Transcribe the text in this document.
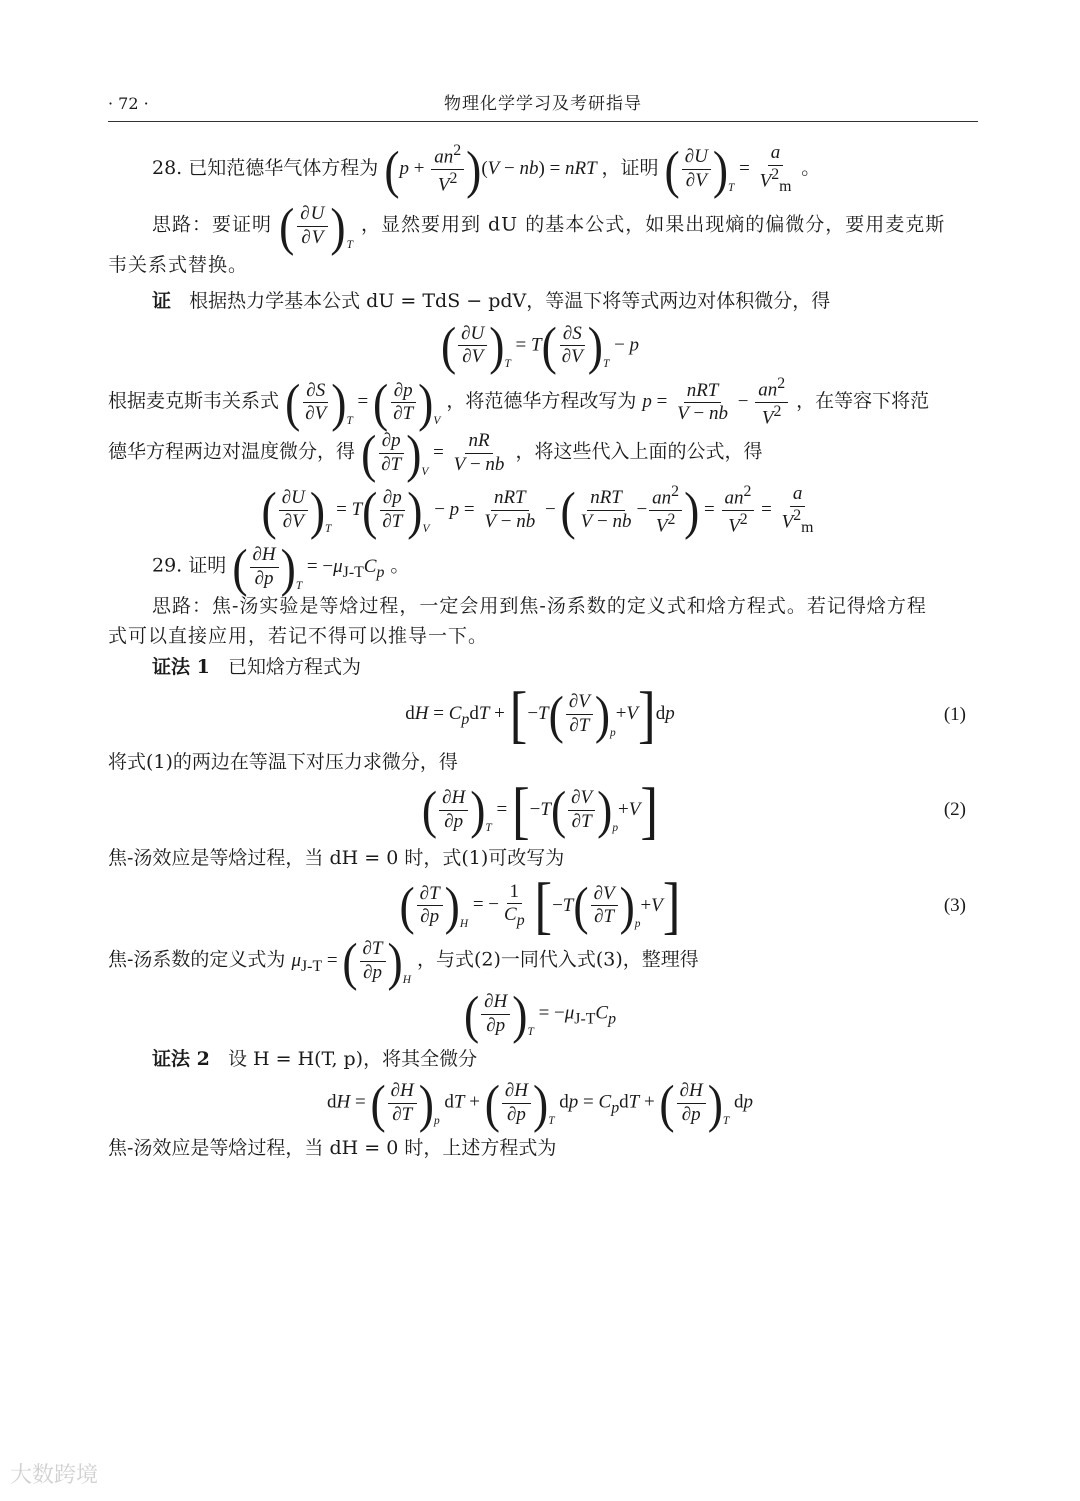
· 72 ·	物理化学学习及考研指导
28. 已知范德华气体方程为 ( $p + \frac{an^2}{V^2}$ ) (V − nb) = nRT ，证明 ( $\frac{\partial U}{\partial V}$ ) T
= $\frac{a}{V^2_m}$ 。
思路：要证明 ( $\frac{\partial U}{\partial V}$ ) T
，显然要用到 dU 的基本公式，如果出现熵的偏微分，要用麦克斯
韦关系式替换。
证 根据热力学基本公式 dU = TdS − pdV，等温下将等式两边对体积微分，得
( $\frac{\partial U}{\partial V}$ ) T
= T ( $\frac{\partial S}{\partial V}$ ) T
− p
根据麦克斯韦关系式 ( $\frac{\partial S}{\partial V}$ ) T
= ( $\frac{\partial p}{\partial T}$ ) V
，将范德华方程改写为 $p = \frac{\text{nRT}}{V - nb} - \frac{an^2}{V^2}$ ，在等容下将范
德华方程两边对温度微分，得 ( $\frac{\partial p}{\partial T}$ ) V
= $\frac{nR}{V - nb}$ ，将这些代入上面的公式，得
( $\frac{\partial U}{\partial V}$ ) T
= T ( $\frac{\partial p}{\partial T}$ ) V
− $p = \frac{\text{nRT}}{V - nb}$ − ( $\frac{\text{nRT}}{V - nb} - \frac{an^2}{V^2}$ ) = $\frac{an^2}{V^2} = \frac{a}{V^2_m}$
29. 证明 ( $\frac{\partial H}{\partial p}$ ) T
= $-\mu_{J-T}C_p$ 。
思路：焦-汤实验是等焓过程，一定会用到焦-汤系数的定义式和焓方程式。若记得焓方程
式可以直接应用，若记不得可以推导一下。
证法 1 已知焓方程式为
dH = $C_pdT$ + [ − T ( $\frac{\partial V}{\partial T}$ ) p
+ V ] dp	(1)
将式(1)的两边在等温下对压力求微分，得
( $\frac{\partial H}{\partial p}$ ) T
= [ − T ( $\frac{\partial V}{\partial T}$ ) p
+ V ]	(2)
焦-汤效应是等焓过程，当 dH = 0 时，式(1)可改写为
( $\frac{\partial T}{\partial p}$ ) H
= − $\frac{1}{C_p}$
[ − T ( $\frac{\partial V}{\partial T}$ ) p
+ V ]	(3)
焦-汤系数的定义式为 $\mu_{J-T}$ = ( $\frac{\partial T}{\partial p}$ ) H
，与式(2)一同代入式(3)，整理得
( $\frac{\partial H}{\partial p}$ ) T
= $-\mu_{J-T}C_p$
证法 2 设 H = H(T, p)，将其全微分
dH = ( $\frac{\partial H}{\partial T}$ ) p
dT + ( $\frac{\partial H}{\partial p}$ ) T
dp = $C_pdT$ + ( $\frac{\partial H}{\partial p}$ ) T
dp
焦-汤效应是等焓过程，当 dH = 0 时，上述方程式为
大数跨境
